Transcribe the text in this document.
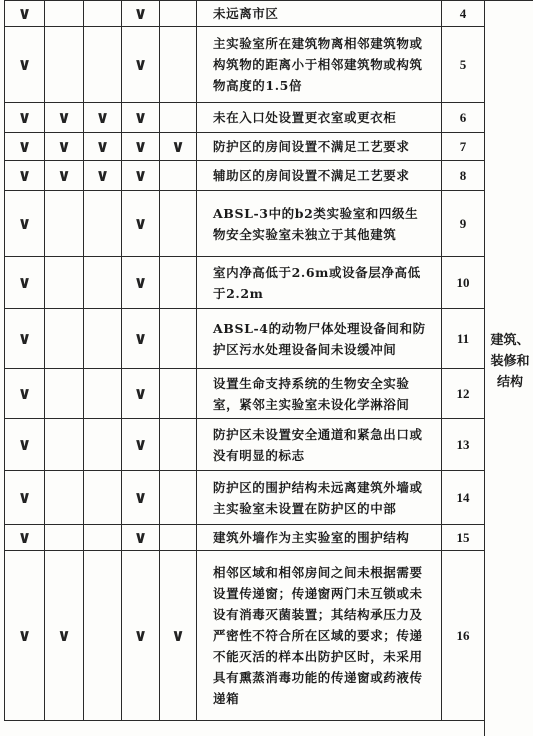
∨			∨		未远离市区	4
∨			∨		主实验室所在建筑物离相邻建筑物或构筑物的距离小于相邻建筑物或构筑物高度的1.5倍	5
∨	∨	∨	∨		未在入口处设置更衣室或更衣柜	6
∨	∨	∨	∨	∨	防护区的房间设置不满足工艺要求	7
∨	∨	∨	∨		辅助区的房间设置不满足工艺要求	8
∨			∨		ABSL-3中的b2类实验室和四级生物安全实验室未独立于其他建筑	9
∨			∨		室内净高低于2.6m或设备层净高低于2.2m	10
∨			∨		ABSL-4的动物尸体处理设备间和防护区污水处理设备间未设缓冲间	11
∨			∨		设置生命支持系统的生物安全实验室，紧邻主实验室未设化学淋浴间	12
∨			∨		防护区未设置安全通道和紧急出口或没有明显的标志	13
∨			∨		防护区的围护结构未远离建筑外墙或主实验室未设置在防护区的中部	14
∨			∨		建筑外墙作为主实验室的围护结构	15
∨	∨		∨	∨	相邻区域和相邻房间之间未根据需要设置传递窗；传递窗两门未互锁或未设有消毒灭菌装置；其结构承压力及严密性不符合所在区域的要求；传递不能灭活的样本出防护区时，未采用具有熏蒸消毒功能的传递窗或药液传递箱	16
建筑、装修和结构
